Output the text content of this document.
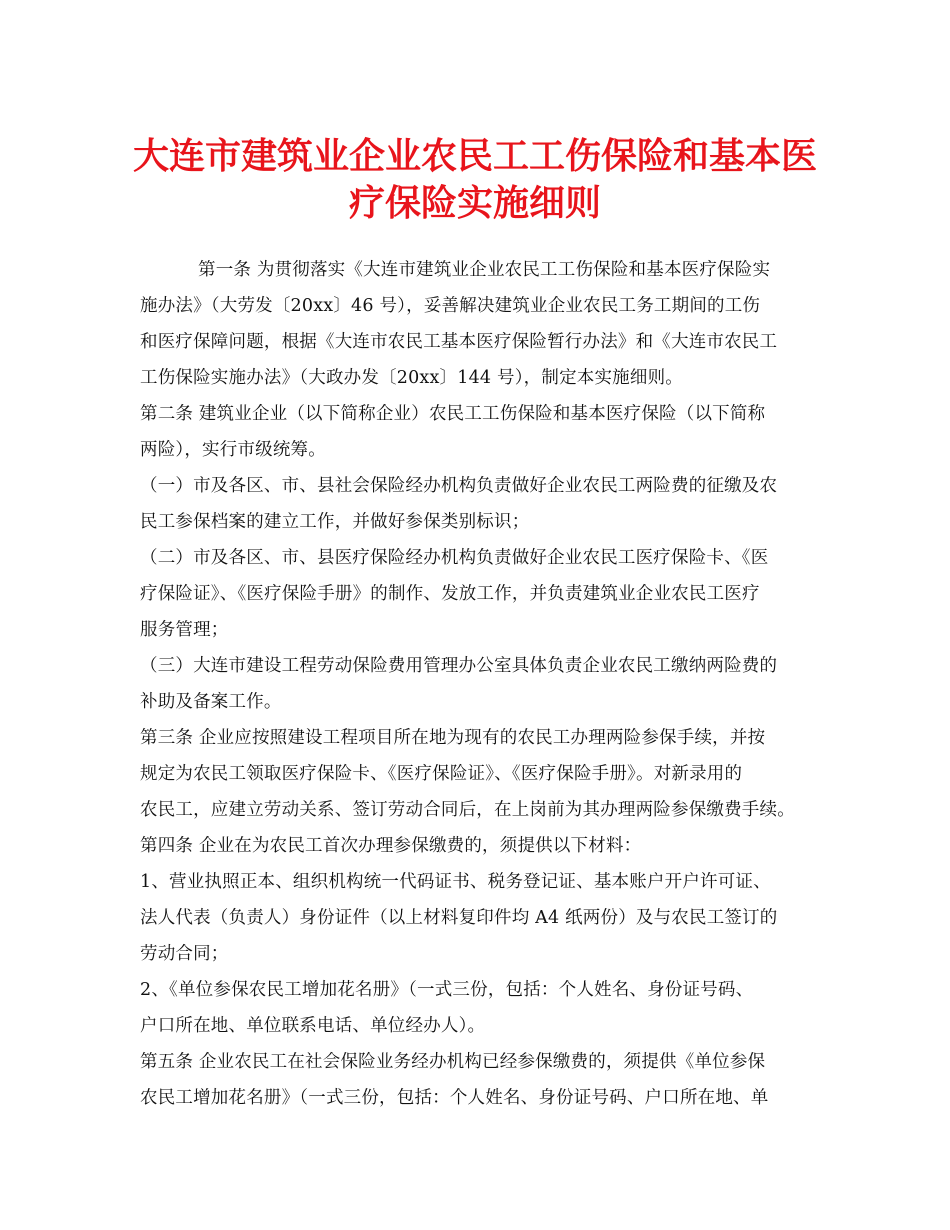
大连市建筑业企业农民工工伤保险和基本医
疗保险实施细则
第一条 为贯彻落实《大连市建筑业企业农民工工伤保险和基本医疗保险实
施办法》（大劳发〔20xx〕46 号），妥善解决建筑业企业农民工务工期间的工伤
和医疗保障问题，根据《大连市农民工基本医疗保险暂行办法》和《大连市农民工
工伤保险实施办法》（大政办发〔20xx〕144 号），制定本实施细则。
第二条 建筑业企业（以下简称企业）农民工工伤保险和基本医疗保险（以下简称
两险），实行市级统筹。
（一）市及各区、市、县社会保险经办机构负责做好企业农民工两险费的征缴及农
民工参保档案的建立工作，并做好参保类别标识；
（二）市及各区、市、县医疗保险经办机构负责做好企业农民工医疗保险卡、《医
疗保险证》、《医疗保险手册》的制作、发放工作，并负责建筑业企业农民工医疗
服务管理；
（三）大连市建设工程劳动保险费用管理办公室具体负责企业农民工缴纳两险费的
补助及备案工作。
第三条 企业应按照建设工程项目所在地为现有的农民工办理两险参保手续，并按
规定为农民工领取医疗保险卡、《医疗保险证》、《医疗保险手册》。对新录用的
农民工，应建立劳动关系、签订劳动合同后，在上岗前为其办理两险参保缴费手续。
第四条 企业在为农民工首次办理参保缴费的，须提供以下材料：
1、营业执照正本、组织机构统一代码证书、税务登记证、基本账户开户许可证、
法人代表（负责人）身份证件（以上材料复印件均 A4 纸两份）及与农民工签订的
劳动合同；
2、《单位参保农民工增加花名册》（一式三份，包括：个人姓名、身份证号码、
户口所在地、单位联系电话、单位经办人）。
第五条 企业农民工在社会保险业务经办机构已经参保缴费的，须提供《单位参保
农民工增加花名册》（一式三份，包括：个人姓名、身份证号码、户口所在地、单
